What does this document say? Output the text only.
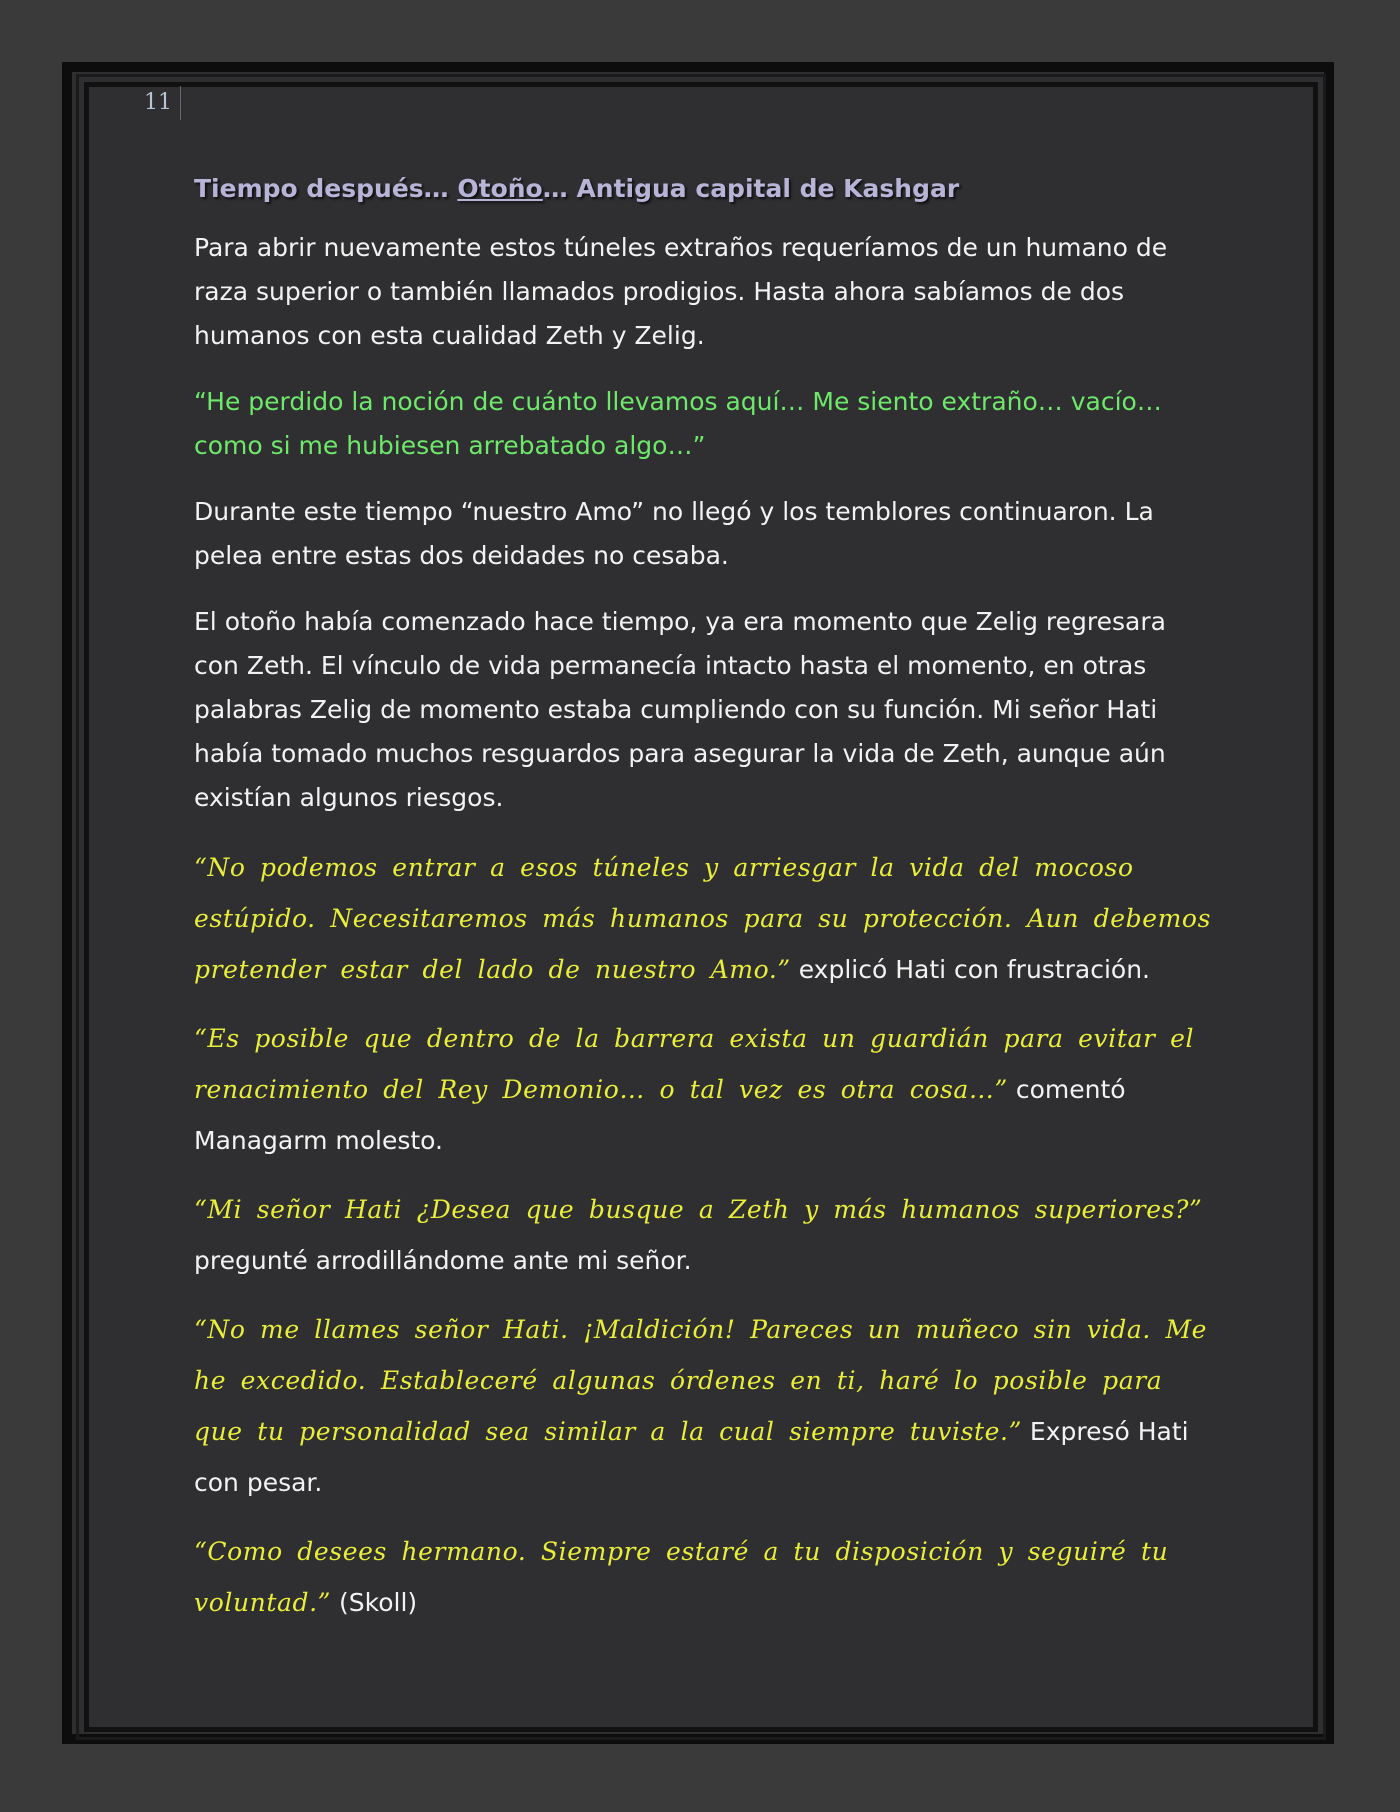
11

Tiempo después… Otoño… Antigua capital de Kashgar

Para abrir nuevamente estos túneles extraños requeríamos de un humano de raza superior o también llamados prodigios. Hasta ahora sabíamos de dos humanos con esta cualidad Zeth y Zelig.

“He perdido la noción de cuánto llevamos aquí… Me siento extraño… vacío… como si me hubiesen arrebatado algo…”

Durante este tiempo “nuestro Amo” no llegó y los temblores continuaron. La pelea entre estas dos deidades no cesaba.

El otoño había comenzado hace tiempo, ya era momento que Zelig regresara con Zeth. El vínculo de vida permanecía intacto hasta el momento, en otras palabras Zelig de momento estaba cumpliendo con su función. Mi señor Hati había tomado muchos resguardos para asegurar la vida de Zeth, aunque aún existían algunos riesgos.

“No podemos entrar a esos túneles y arriesgar la vida del mocoso estúpido. Necesitaremos más humanos para su protección. Aun debemos pretender estar del lado de nuestro Amo.” explicó Hati con frustración.

“Es posible que dentro de la barrera exista un guardián para evitar el renacimiento del Rey Demonio… o tal vez es otra cosa…” comentó Managarm molesto.

“Mi señor Hati ¿Desea que busque a Zeth y más humanos superiores?” pregunté arrodillándome ante mi señor.

“No me llames señor Hati. ¡Maldición! Pareces un muñeco sin vida. Me he excedido. Estableceré algunas órdenes en ti, haré lo posible para que tu personalidad sea similar a la cual siempre tuviste.” Expresó Hati con pesar.

“Como desees hermano. Siempre estaré a tu disposición y seguiré tu voluntad.” (Skoll)
